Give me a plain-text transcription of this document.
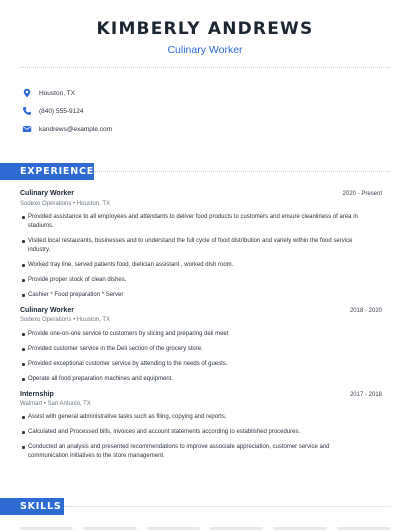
KIMBERLY ANDREWS
Culinary Worker
Houston, TX
(840) 555-9124
kandrews@example.com
EXPERIENCE
Culinary Worker	2020 - Present
Sodexo Operations • Houston, TX
Provided assistance to all employees and attendants to deliver food products to customers and ensure cleanliness of area in stadiums.
Visited local restaurants, businesses and to understand the full cycle of food distribution and variety within the food service industry.
Worked tray line, served patients food, dietician assistant , worked dish room.
Provide proper stock of clean dishes.
Cashier * Food preparation * Server
Culinary Worker	2018 - 2020
Sodexo Operations • Houston, TX
Provide one-on-one service to customers by slicing and preparing deli meet
Provided customer service in the Deli section of the grocery store.
Provided exceptional customer service by attending to the needs of guests.
Operate all food preparation machines and equipment.
Internship	2017 - 2018
Walmart • San Antonio, TX
Assist with general administrative tasks such as filing, copying and reports.
Calculated and Processed bills, invoices and account statements according to established procedures.
Conducted an analysis and presented recommendations to improve associate appreciation, customer service and communication initiatives to the store management.
SKILLS
